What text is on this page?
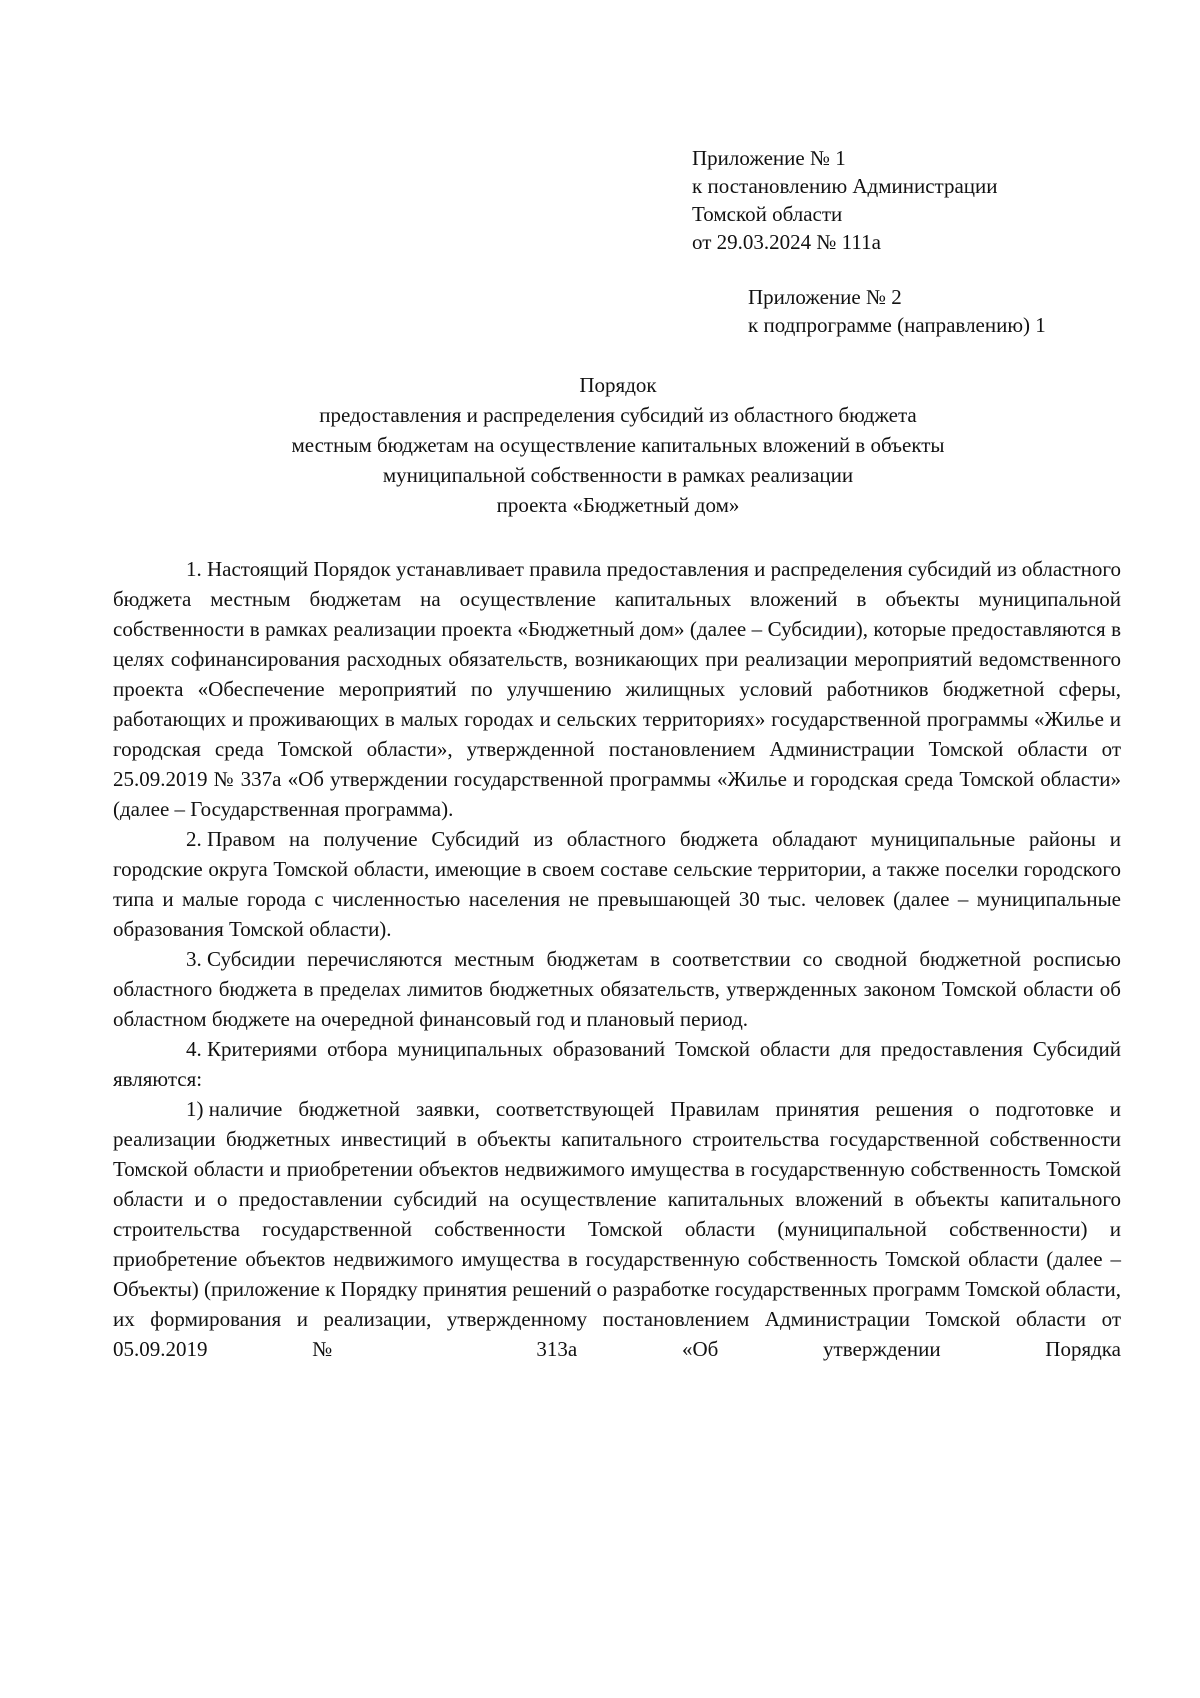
Приложение № 1
к постановлению Администрации
Томской области
от 29.03.2024 № 111а
Приложение № 2
к подпрограмме (направлению) 1
Порядок
предоставления и распределения субсидий из областного бюджета
местным бюджетам на осуществление капитальных вложений в объекты
муниципальной собственности в рамках реализации
проекта «Бюджетный дом»

1. Настоящий Порядок устанавливает правила предоставления и распределения субсидий из областного бюджета местным бюджетам на осуществление капитальных вложений в объекты муниципальной собственности в рамках реализации проекта «Бюджетный дом» (далее – Субсидии), которые предоставляются в целях софинансирования расходных обязательств, возникающих при реализации мероприятий ведомственного проекта «Обеспечение мероприятий по улучшению жилищных условий работников бюджетной сферы, работающих и проживающих в малых городах и сельских территориях» государственной программы «Жилье и городская среда Томской области», утвержденной постановлением Администрации Томской области от 25.09.2019 № 337а «Об утверждении государственной программы «Жилье и городская среда Томской области» (далее – Государственная программа).

2. Правом на получение Субсидий из областного бюджета обладают муниципальные районы и городские округа Томской области, имеющие в своем составе сельские территории, а также поселки городского типа и малые города с численностью населения не превышающей 30 тыс. человек (далее – муниципальные образования Томской области).

3. Субсидии перечисляются местным бюджетам в соответствии со сводной бюджетной росписью областного бюджета в пределах лимитов бюджетных обязательств, утвержденных законом Томской области об областном бюджете на очередной финансовый год и плановый период.

4. Критериями отбора муниципальных образований Томской области для предоставления Субсидий являются:

1) наличие бюджетной заявки, соответствующей Правилам принятия решения о подготовке и реализации бюджетных инвестиций в объекты капитального строительства государственной собственности Томской области и приобретении объектов недвижимого имущества в государственную собственность Томской области и о предоставлении субсидий на осуществление капитальных вложений в объекты капитального строительства государственной собственности Томской области (муниципальной собственности) и приобретение объектов недвижимого имущества в государственную собственность Томской области (далее – Объекты) (приложение к Порядку принятия решений о разработке государственных программ Томской области, их формирования и реализации, утвержденному постановлением Администрации Томской области от 05.09.2019 № 313а «Об утверждении Порядка
